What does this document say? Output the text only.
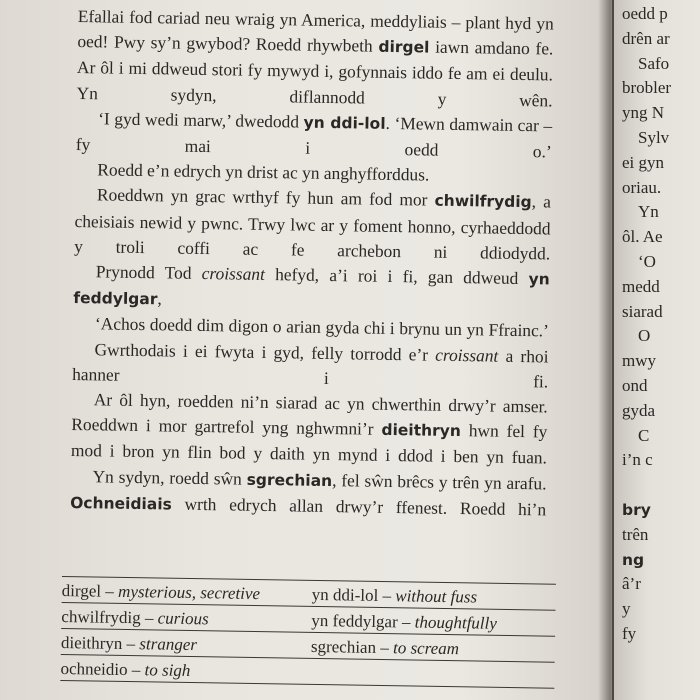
Efallai fod cariad neu wraig yn America, meddyliais – plant hyd yn oed! Pwy sy’n gwybod? Roedd rhywbeth dirgel iawn amdano fe. Ar ôl i mi ddweud stori fy mywyd i, gofynnais iddo fe am ei deulu. Yn sydyn, diflannodd y wên.

‘I gyd wedi marw,’ dwedodd yn ddi-lol. ‘Mewn damwain car – fy mai i oedd o.’

Roedd e’n edrych yn drist ac yn anghyfforddus.

Roeddwn yn grac wrthyf fy hun am fod mor chwilfrydig, a cheisiais newid y pwnc. Trwy lwc ar y foment honno, cyrhaeddodd y troli coffi ac fe archebon ni ddiodydd.

Prynodd Tod croissant hefyd, a’i roi i fi, gan ddweud yn feddylgar,

‘Achos doedd dim digon o arian gyda chi i brynu un yn Ffrainc.’

Gwrthodais i ei fwyta i gyd, felly torrodd e’r croissant a rhoi hanner i fi.

Ar ôl hyn, roedden ni’n siarad ac yn chwerthin drwy’r amser. Roeddwn i mor gartrefol yng nghwmni’r dieithryn hwn fel fy mod i bron yn flin bod y daith yn mynd i ddod i ben yn fuan.

Yn sydyn, roedd sŵn sgrechian, fel sŵn brêcs y trên yn arafu. Ochneidiais wrth edrych allan drwy’r ffenest. Roedd hi’n

dirgel – mysterious, secretive	yn ddi-lol – without fuss
chwilfrydig – curious	yn feddylgar – thoughtfully
dieithryn – stranger	sgrechian – to scream
ochneidio – to sigh
oedd p
drên ar
Safo
brobler
yng N
Sylv
ei gyn
oriau.
Yn
ôl. Ae
‘O
medd
siarad
O
mwy
ond
gyda
C
i’n c

bry
trên
ng
â’r
y
fy
